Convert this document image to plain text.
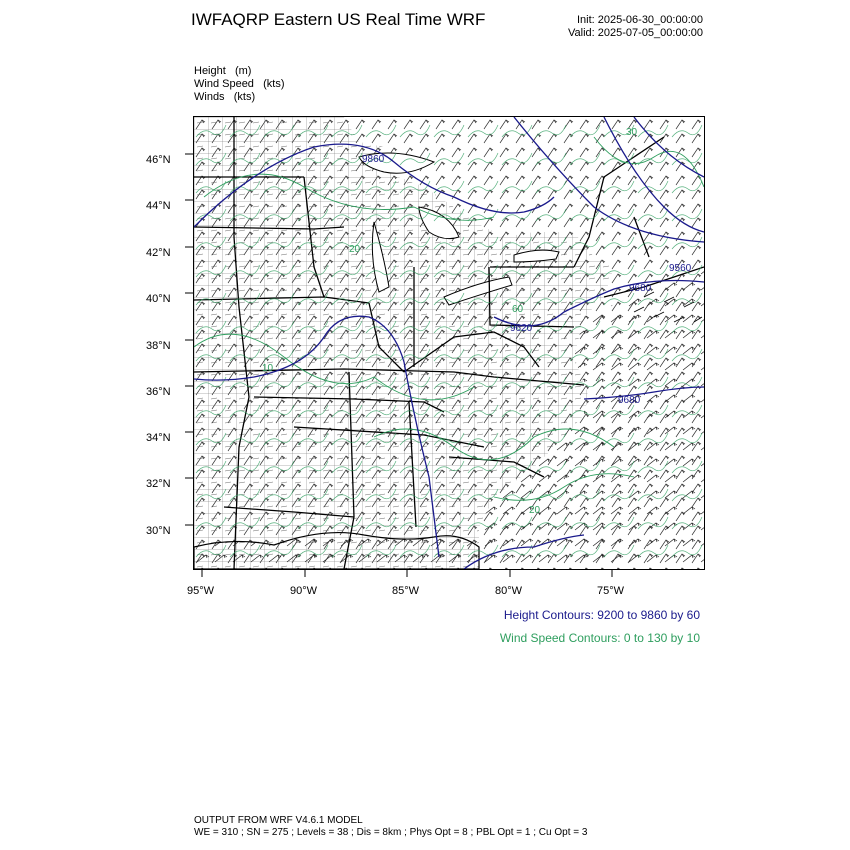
IWFAQRP Eastern US Real Time WRF	Init: 2025-06-30_00:00:00
Valid: 2025-07-05_00:00:00
Height   (m)
Wind Speed   (kts)
Winds   (kts)
46°N
44°N
42°N
40°N
38°N
36°N
34°N
32°N
30°N
95°W	90°W	85°W	80°W	75°W
9860
9560
9680
9620
9680
30
20
60
20
10
Height Contours: 9200 to 9860 by 60
Wind Speed Contours: 0 to 130 by 10
OUTPUT FROM WRF V4.6.1 MODEL
WE = 310 ; SN = 275 ; Levels = 38 ; Dis = 8km ; Phys Opt = 8 ; PBL Opt = 1 ; Cu Opt = 3
